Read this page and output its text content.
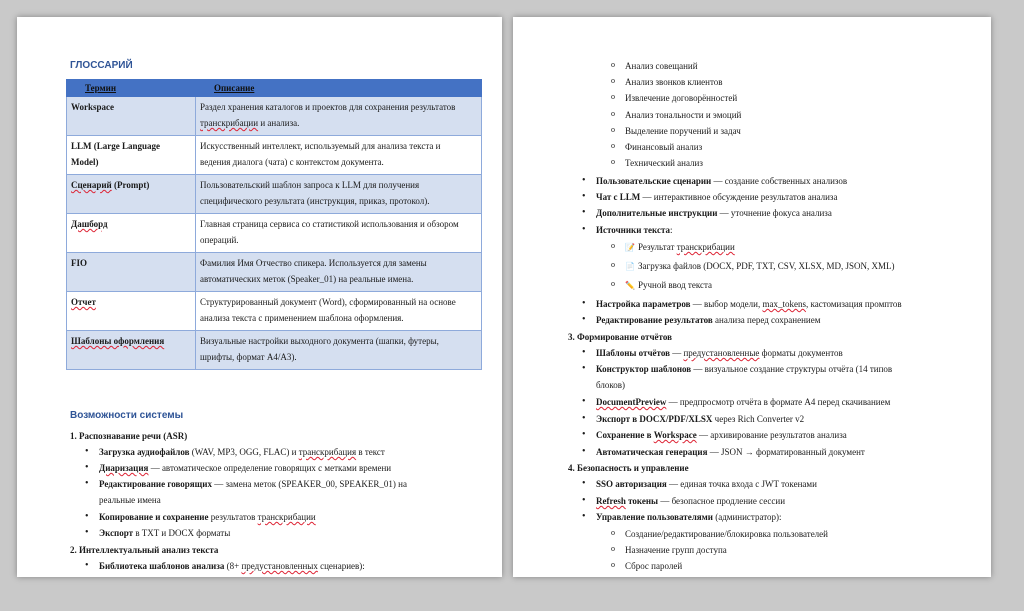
ГЛОССАРИЙ
Термин	Описание
Workspace	Раздел хранения каталогов и проектов для сохранения результатов
транскрибации и анализа.
LLM (Large Language
Model)	Искусственный интеллект, используемый для анализа текста и
ведения диалога (чата) с контекстом документа.
Сценарий (Prompt)	Пользовательский шаблон запроса к LLM для получения
специфического результата (инструкция, приказ, протокол).
Дашборд	Главная страница сервиса со статистикой использования и обзором
операций.
FIO	Фамилия Имя Отчество спикера. Используется для замены
автоматических меток (Speaker_01) на реальные имена.
Отчет	Структурированный документ (Word), сформированный на основе
анализа текста с применением шаблона оформления.
Шаблоны оформления	Визуальные настройки выходного документа (шапки, футеры,
шрифты, формат А4/А3).
Возможности системы
1. Распознавание речи (ASR)
• Загрузка аудиофайлов (WAV, MP3, OGG, FLAC) и транскрибация в текст
• Диаризация — автоматическое определение говорящих с метками времени
• Редактирование говорящих — замена меток (SPEAKER_00, SPEAKER_01) на
реальные имена
• Копирование и сохранение результатов транскрибации
• Экспорт в TXT и DOCX форматы
2. Интеллектуальный анализ текста
• Библиотека шаблонов анализа (8+ предустановленных сценариев):
o Анализ совещаний
o Анализ звонков клиентов
o Извлечение договорённостей
o Анализ тональности и эмоций
o Выделение поручений и задач
o Финансовый анализ
o Технический анализ
• Пользовательские сценарии — создание собственных анализов
• Чат с LLM — интерактивное обсуждение результатов анализа
• Дополнительные инструкции — уточнение фокуса анализа
• Источники текста:
o 📝 Результат транскрибации
o 📄 Загрузка файлов (DOCX, PDF, TXT, CSV, XLSX, MD, JSON, XML)
o ✏️ Ручной ввод текста
• Настройка параметров — выбор модели, max_tokens, кастомизация промптов
• Редактирование результатов анализа перед сохранением
3. Формирование отчётов
• Шаблоны отчётов — предустановленные форматы документов
• Конструктор шаблонов — визуальное создание структуры отчёта (14 типов
блоков)
• DocumentPreview — предпросмотр отчёта в формате А4 перед скачиванием
• Экспорт в DOCX/PDF/XLSX через Rich Converter v2
• Сохранение в Workspace — архивирование результатов анализа
• Автоматическая генерация — JSON → форматированный документ
4. Безопасность и управление
• SSO авторизация — единая точка входа с JWT токенами
• Refresh токены — безопасное продление сессии
• Управление пользователями (администратор):
o Создание/редактирование/блокировка пользователей
o Назначение групп доступа
o Сброс паролей
